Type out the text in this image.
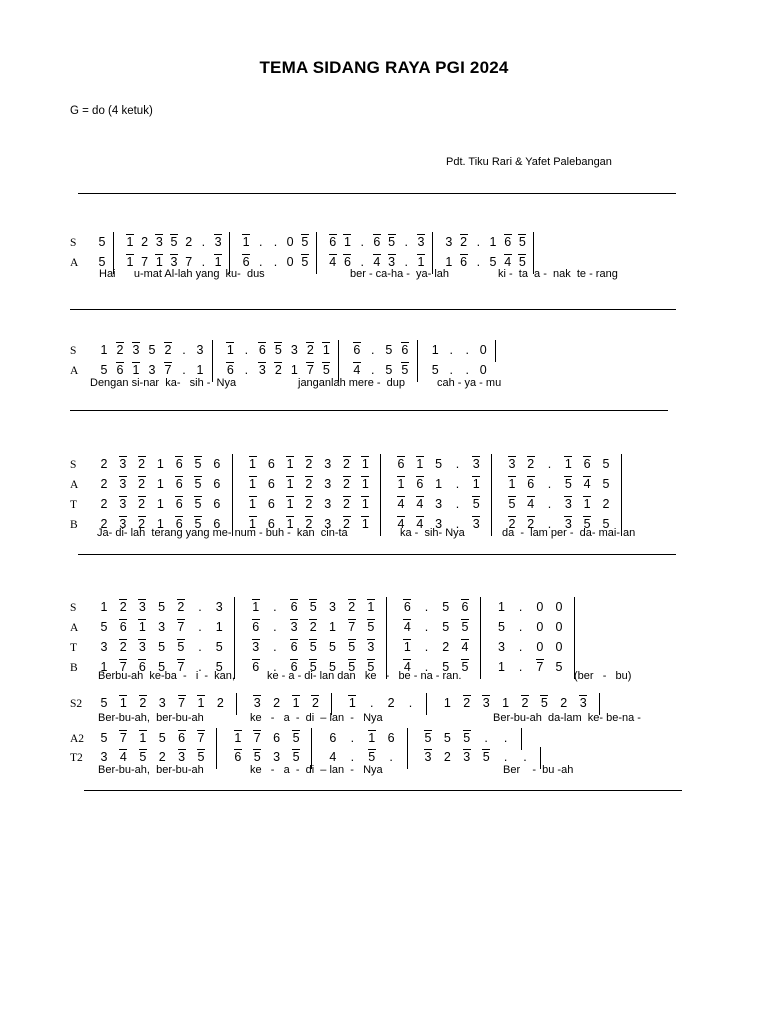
TEMA SIDANG RAYA PGI 2024
G = do (4 ketuk)
Pdt. Tiku Rari & Yafet Palebangan
S 5 1 2 3 5 2 . 3 1 . . 0 5 6 1 . 6 5 . 3 3 2 . 1 6 5
A 5 1 7 1 3 7 . 1 6 . . 0 5 4 6 . 4 3 . 1 1 6 . 5 4 5
S 1 2 3 5 2 . 3 1 . 6 5 3 2 1 6 . 5 6 1 .	. 0
A 5 6 1 3 7 . 1 6 . 3 2 1 7 5 4 . 5 5 5 .	. 0
S 2 3 2 1 6 5 6 1 6 1 2 3 2 1 6 1 5	.	3 3 2	.	1 6 5
A 2 3 2 1 6 5 6 1 6 1 2 3 2 1 1 6 1	.	1 1 6	.	5 4 5
T 2 3 2 1 6 5 6 1 6 1 2 3 2 1 4 4 3	.	5 5 4	.	3 1 2
B 2 3 2 1 6 5 6 1 6 1 2 3 2 1 4 4 3	.	3 2 2	.	3 5 5
S 1 2 3 5 2	.	3 1	.	6 5 3 2 1 6	.	5 6 1	.	0 0
A 5 6 1 3 7	.	1 6	.	3 2 1 7 5 4	.	5 5 5	.	0 0
T 3 2 3 5 5	.	5 3	.	6 5 5 5 3 1	.	2 4 3	.	0 0
B 1 7 6 5 7	.	5 6	.	6 5 5 5 5 4	.	5 5 1	.	7 5
S2 5 1 2 3 7 1 2 3 2 1 2 1	.	2	.	1 2 3 1 2 5 2 3
A2 5 7 1 5 6 7 1 7 6 5 6	.	1 6 5 5 5	.	.
T2 3 4 5 2 3 5 6 5 3 5 4	.	5	.	3 2 3 5	.	.
Hai      u-mat Al-lah yang  ku-  dus	ber - ca-ha -  ya- lah	ki -  ta  a -  nak  te - rang
Dengan si-nar  ka-   sih -  Nya	janganlah mere -  dup	cah - ya - mu
Ja- di- lah  terang yang me- num - buh -  kan  cin-ta	ka -  sih- Nya	da  -  lam per -  da- mai- an
Berbu-ah  ke-ba  -   i  -  kan,	ke - a - di- lan dan   ke   -   be - na - ran.	(ber   -   bu)
Ber-bu-ah,  ber-bu-ah	ke   -   a  -  di  – lan  -   Nya	Ber-bu-ah  da-lam  ke- be-na -
Ber-bu-ah,  ber-bu-ah	ke   -   a  -  di  – lan  -   Nya	Ber    -  bu -ah
